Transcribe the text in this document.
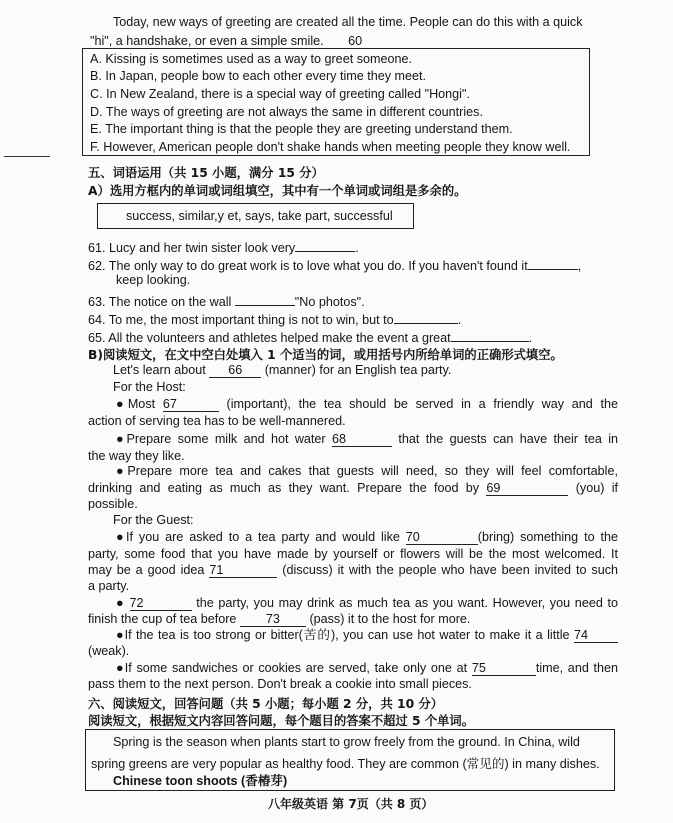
Today, new ways of greeting are created all the time. People can do this with a quick
"hi", a handshake, or even a simple smile. 60
A. Kissing is sometimes used as a way to greet someone.
B. In Japan, people bow to each other every time they meet.
C. In New Zealand, there is a special way of greeting called "Hongi".
D. The ways of greeting are not always the same in different countries.
E. The important thing is that the people they are greeting understand them.
F. However, American people don't shake hands when meeting people they know well.
五、词语运用（共 15 小题，满分 15 分）
A）选用方框内的单词或词组填空，其中有一个单词或词组是多余的。
success, similar,y et, says, take part, successful
61. Lucy and her twin sister look very	.
62. The only way to do great work is to love what you do. If you haven't found it	,
keep looking.
63. The notice on the wall	"No photos".
64. To me, the most important thing is not to win, but to	.
65. All the volunteers and athletes helped make the event a great	.
B)阅读短文，在文中空白处填入 1 个适当的词，或用括号内所给单词的正确形式填空。
Let's learn about 66 (manner) for an English tea party.
For the Host:
●Most 67	(important), the tea should be served in a friendly way and the
action of serving tea has to be well-mannered.
●Prepare some milk and hot water 68	that the guests can have their tea in
the way they like.
●Prepare more tea and cakes that guests will need, so they will feel comfortable,
drinking and eating as much as they want. Prepare the food by 69	(you) if
possible.
For the Guest:
●If you are asked to a tea party and would like 70	(bring) something to the
party, some food that you have made by yourself or flowers will be the most welcomed. It
may be a good idea 71	(discuss) it with the people who have been invited to such
a party.
● 72	the party, you may drink as much tea as you want. However, you need to
finish the cup of tea before 73 (pass) it to the host for more.
●If the tea is too strong or bitter(苦的), you can use hot water to make it a little 74
(weak).
●If some sandwiches or cookies are served, take only one at 75	time, and then
pass them to the next person. Don't break a cookie into small pieces.
六、阅读短文，回答问题（共 5 小题；每小题 2 分，共 10 分）
阅读短文，根据短文内容回答问题，每个题目的答案不超过 5 个单词。
Spring is the season when plants start to grow freely from the ground. In China, wild
spring greens are very popular as healthy food. They are common (常见的) in many dishes.
Chinese toon shoots (香椿芽)
八年级英语 第 7页（共 8 页）
